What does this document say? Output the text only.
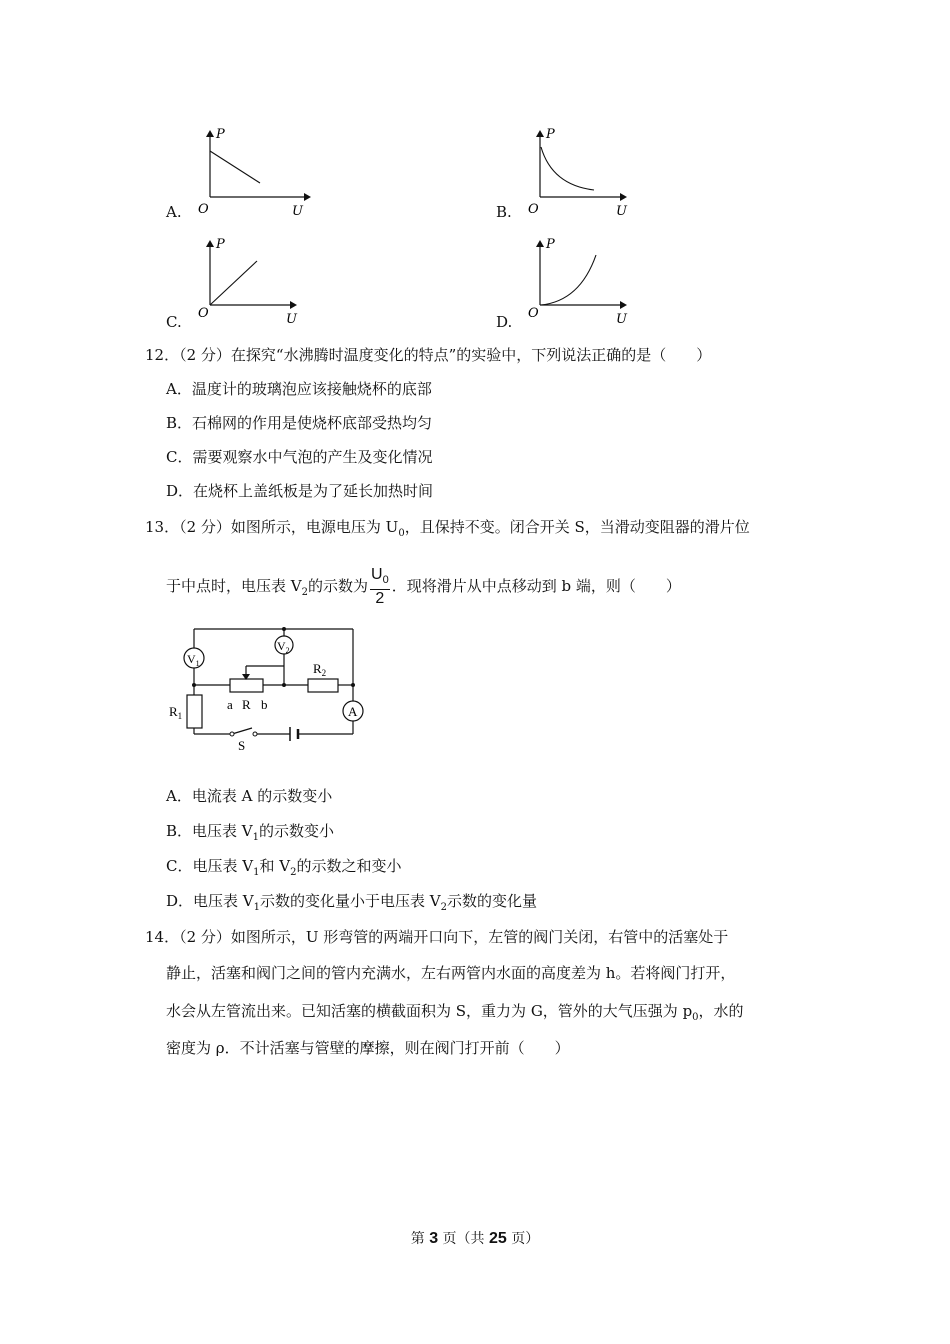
A.
P
U
O	B.
P
U
O
C.
P
U
O	D.
P
U
O
12．（2 分）在探究“水沸腾时温度变化的特点”的实验中，下列说法正确的是（　　）
A．温度计的玻璃泡应该接触烧杯的底部
B．石棉网的作用是使烧杯底部受热均匀
C．需要观察水中气泡的产生及变化情况
D．在烧杯上盖纸板是为了延长加热时间
13．（2 分）如图所示，电源电压为 $U_0$，且保持不变。闭合开关 S，当滑动变阻器的滑片位
于中点时，电压表 $V_2$的示数为 $\frac{U_0}{2}$ ．现将滑片从中点移动到 b 端，则（　　）
$V_1$
$V_2$
A
$R_2$
$R_1$
a R b
S
A．电流表 A 的示数变小
B．电压表 $V_1$的示数变小
C．电压表 $V_1$和 $V_2$的示数之和变小
D．电压表 $V_1$示数的变化量小于电压表 $V_2$示数的变化量
14．（2 分）如图所示，U 形弯管的两端开口向下，左管的阀门关闭，右管中的活塞处于
静止，活塞和阀门之间的管内充满水，左右两管内水面的高度差为 h。若将阀门打开，
水会从左管流出来。已知活塞的横截面积为 S，重力为 G，管外的大气压强为 $p_0$，水的
密度为 ρ．不计活塞与管壁的摩擦，则在阀门打开前（　　）
第 3 页（共 25 页）
